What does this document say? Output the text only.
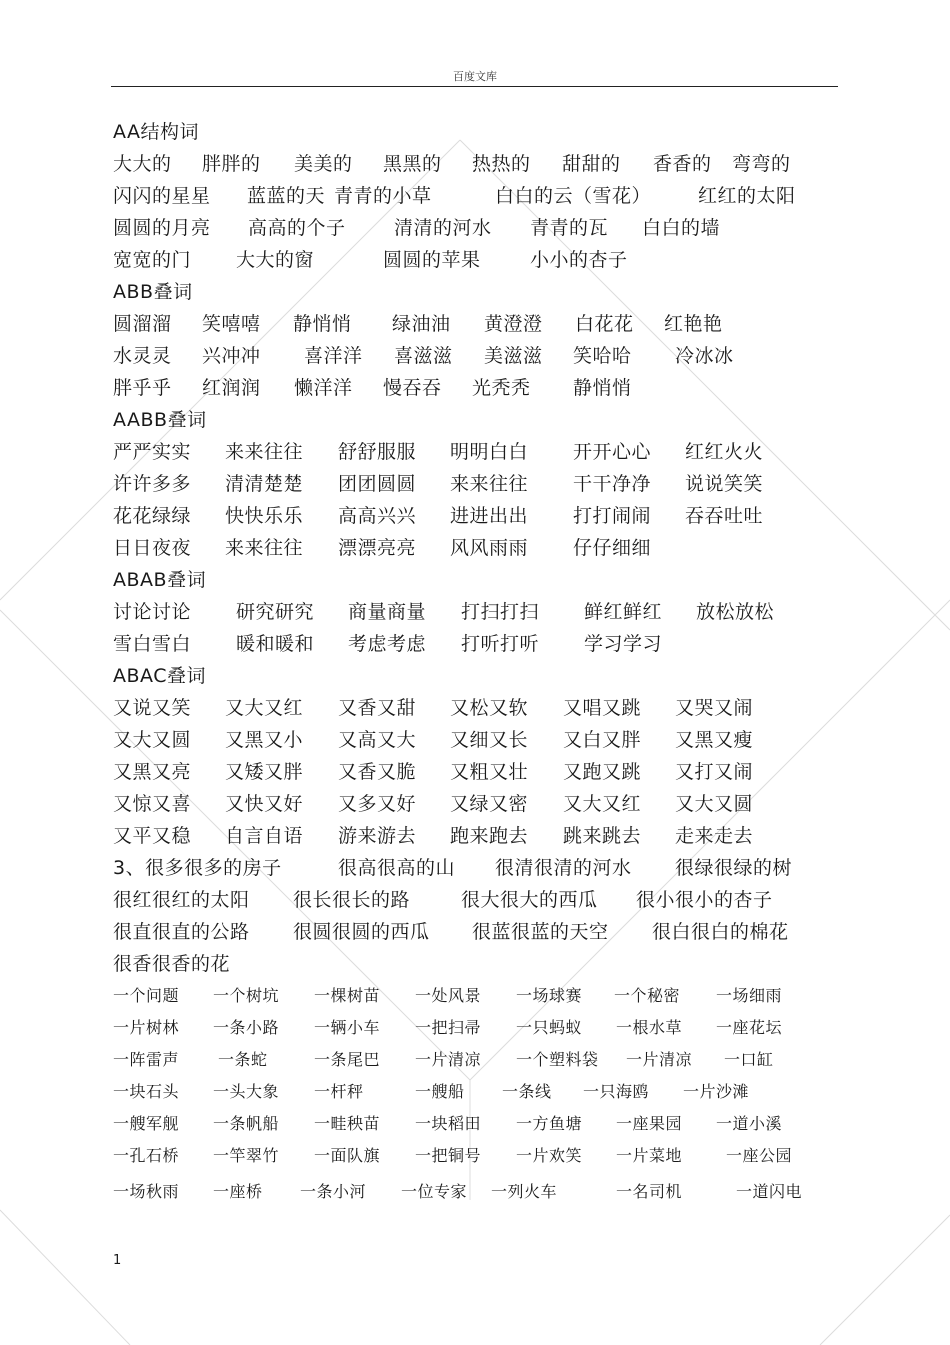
百度文库
AA结构词
大大的 胖胖的 美美的 黑黑的 热热的 甜甜的 香香的 弯弯的
闪闪的星星 蓝蓝的天 青青的小草	白白的云（雪花） 红红的太阳
圆圆的月亮 高高的个子	清清的河水 青青的瓦 白白的墙
宽宽的门 大大的窗	圆圆的苹果	小小的杏子
ABB叠词
圆溜溜 笑嘻嘻 静悄悄 绿油油 黄澄澄 白花花 红艳艳
水灵灵 兴冲冲 喜洋洋 喜滋滋 美滋滋 笑哈哈 冷冰冰
胖乎乎 红润润 懒洋洋 慢吞吞 光秃秃 静悄悄
AABB叠词
严严实实 来来往往 舒舒服服 明明白白 开开心心 红红火火
许许多多 清清楚楚 团团圆圆 来来往往 干干净净 说说笑笑
花花绿绿 快快乐乐 高高兴兴 进进出出 打打闹闹 吞吞吐吐
日日夜夜 来来往往 漂漂亮亮 风风雨雨 仔仔细细
ABAB叠词
讨论讨论 研究研究 商量商量 打扫打扫 鲜红鲜红 放松放松
雪白雪白 暖和暖和 考虑考虑 打听打听 学习学习
ABAC叠词
又说又笑 又大又红 又香又甜 又松又软 又唱又跳 又哭又闹
又大又圆 又黑又小 又高又大 又细又长 又白又胖 又黑又瘦
又黑又亮 又矮又胖 又香又脆 又粗又壮 又跑又跳 又打又闹
又惊又喜 又快又好 又多又好 又绿又密 又大又红 又大又圆
又平又稳 自言自语 游来游去 跑来跑去 跳来跳去 走来走去
3、很多很多的房子	很高很高的山 很清很清的河水 很绿很绿的树
很红很红的太阳 很长很长的路	很大很大的西瓜 很小很小的杏子
很直很直的公路 很圆很圆的西瓜 很蓝很蓝的天空 很白很白的棉花
很香很香的花
一个问题 一个树坑 一棵树苗 一处风景 一场球赛 一个秘密 一场细雨
一片树林 一条小路 一辆小车 一把扫帚 一只蚂蚁 一根水草 一座花坛
一阵雷声 一条蛇	一条尾巴 一片清凉 一个塑料袋 一片清凉 一口缸
一块石头 一头大象 一杆秤	一艘船 一条线 一只海鸥 一片沙滩
一艘军舰 一条帆船 一畦秧苗 一块稻田 一方鱼塘 一座果园 一道小溪
一孔石桥 一竿翠竹 一面队旗 一把铜号 一片欢笑 一片菜地	一座公园
一场秋雨 一座桥 一条小河 一位专家 一列火车	一名司机	一道闪电
1
